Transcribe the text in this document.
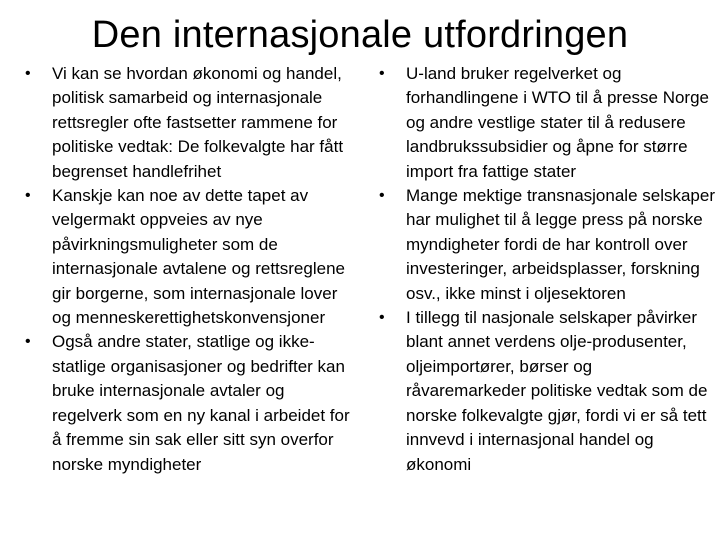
Den internasjonale utfordringen
• Vi kan se hvordan økonomi og handel, politisk samarbeid og internasjonale rettsregler ofte fastsetter rammene for politiske vedtak: De folkevalgte har fått begrenset handlefrihet
• Kanskje kan noe av dette tapet av velgermakt oppveies av nye påvirkningsmuligheter som de internasjonale avtalene og rettsreglene gir borgerne, som internasjonale lover og menneskerettighetskonvensjoner
• Også andre stater, statlige og ikke-statlige organisasjoner og bedrifter kan bruke internasjonale avtaler og regelverk som en ny kanal i arbeidet for å fremme sin sak eller sitt syn overfor norske myndigheter
• U-land bruker regelverket og forhandlingene i WTO til å presse Norge og andre vestlige stater til å redusere landbrukssubsidier og åpne for større import fra fattige stater
• Mange mektige transnasjonale selskaper har mulighet til å legge press på norske myndigheter fordi de har kontroll over investeringer, arbeidsplasser, forskning osv., ikke minst i oljesektoren
• I tillegg til nasjonale selskaper påvirker blant annet verdens olje-produsenter, oljeimportører, børser og råvaremarkeder politiske vedtak som de norske folkevalgte gjør, fordi vi er så tett innvevd i internasjonal handel og økonomi
